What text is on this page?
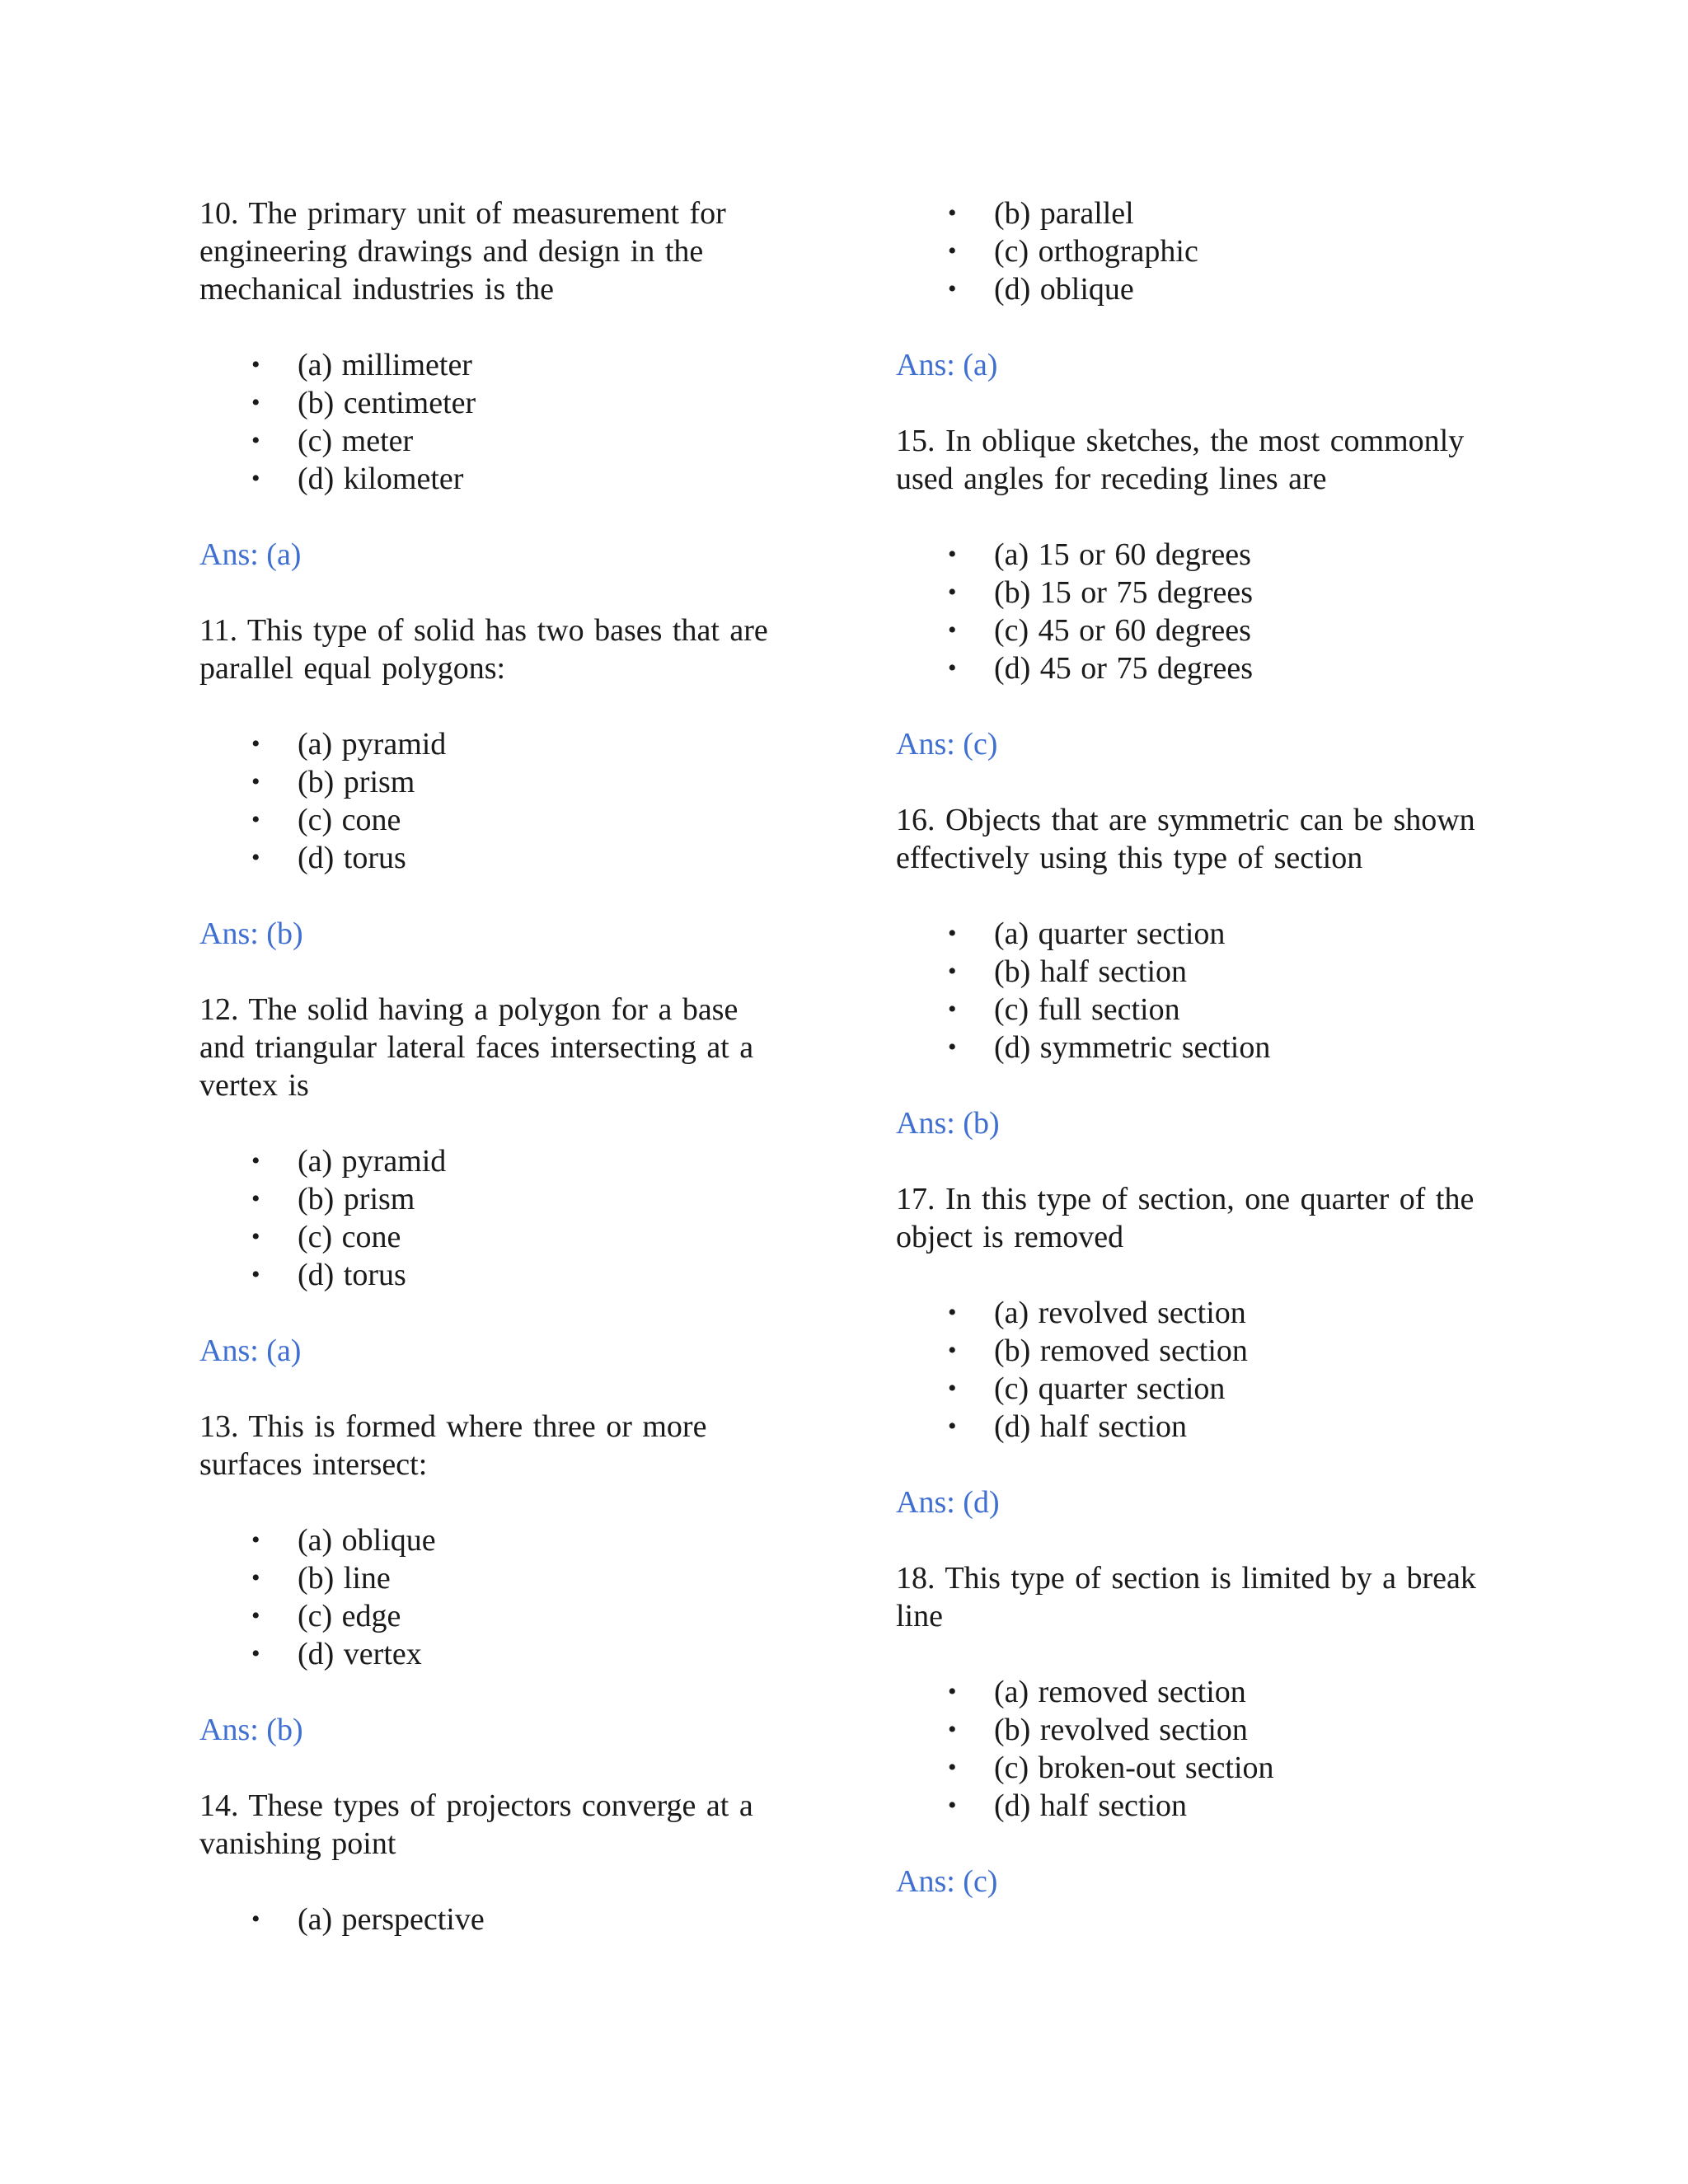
10. The primary unit of measurement for
engineering drawings and design in the
mechanical industries is the

• (a) millimeter
• (b) centimeter
• (c) meter
• (d) kilometer

Ans: (a)

11. This type of solid has two bases that are
parallel equal polygons:

• (a) pyramid
• (b) prism
• (c) cone
• (d) torus

Ans: (b)

12. The solid having a polygon for a base
and triangular lateral faces intersecting at a
vertex is

• (a) pyramid
• (b) prism
• (c) cone
• (d) torus

Ans: (a)

13. This is formed where three or more
surfaces intersect:

• (a) oblique
• (b) line
• (c) edge
• (d) vertex

Ans: (b)

14. These types of projectors converge at a
vanishing point

• (a) perspective
• (b) parallel
• (c) orthographic
• (d) oblique

Ans: (a)

15. In oblique sketches, the most commonly
used angles for receding lines are

• (a) 15 or 60 degrees
• (b) 15 or 75 degrees
• (c) 45 or 60 degrees
• (d) 45 or 75 degrees

Ans: (c)

16. Objects that are symmetric can be shown
effectively using this type of section

• (a) quarter section
• (b) half section
• (c) full section
• (d) symmetric section

Ans: (b)

17. In this type of section, one quarter of the
object is removed

• (a) revolved section
• (b) removed section
• (c) quarter section
• (d) half section

Ans: (d)

18. This type of section is limited by a break
line

• (a) removed section
• (b) revolved section
• (c) broken-out section
• (d) half section

Ans: (c)
